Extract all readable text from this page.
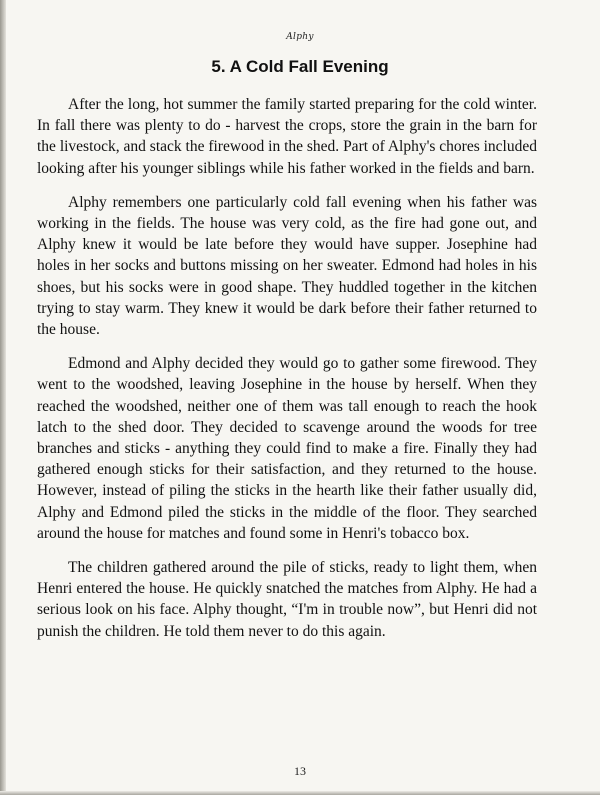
Alphy
5. A Cold Fall Evening

After the long, hot summer the family started preparing for the cold winter. In fall there was plenty to do - harvest the crops, store the grain in the barn for the livestock, and stack the firewood in the shed. Part of Alphy's chores included looking after his younger siblings while his father worked in the fields and barn.

Alphy remembers one particularly cold fall evening when his father was working in the fields. The house was very cold, as the fire had gone out, and Alphy knew it would be late before they would have supper. Josephine had holes in her socks and buttons missing on her sweater. Edmond had holes in his shoes, but his socks were in good shape. They huddled together in the kitchen trying to stay warm. They knew it would be dark before their father returned to the house.

Edmond and Alphy decided they would go to gather some firewood. They went to the woodshed, leaving Josephine in the house by herself. When they reached the woodshed, neither one of them was tall enough to reach the hook latch to the shed door. They decided to scavenge around the woods for tree branches and sticks - anything they could find to make a fire. Finally they had gathered enough sticks for their satisfaction, and they returned to the house. However, instead of piling the sticks in the hearth like their father usually did, Alphy and Edmond piled the sticks in the middle of the floor. They searched around the house for matches and found some in Henri's tobacco box.

The children gathered around the pile of sticks, ready to light them, when Henri entered the house. He quickly snatched the matches from Alphy. He had a serious look on his face. Alphy thought, “I'm in trouble now”, but Henri did not punish the children. He told them never to do this again.

13
